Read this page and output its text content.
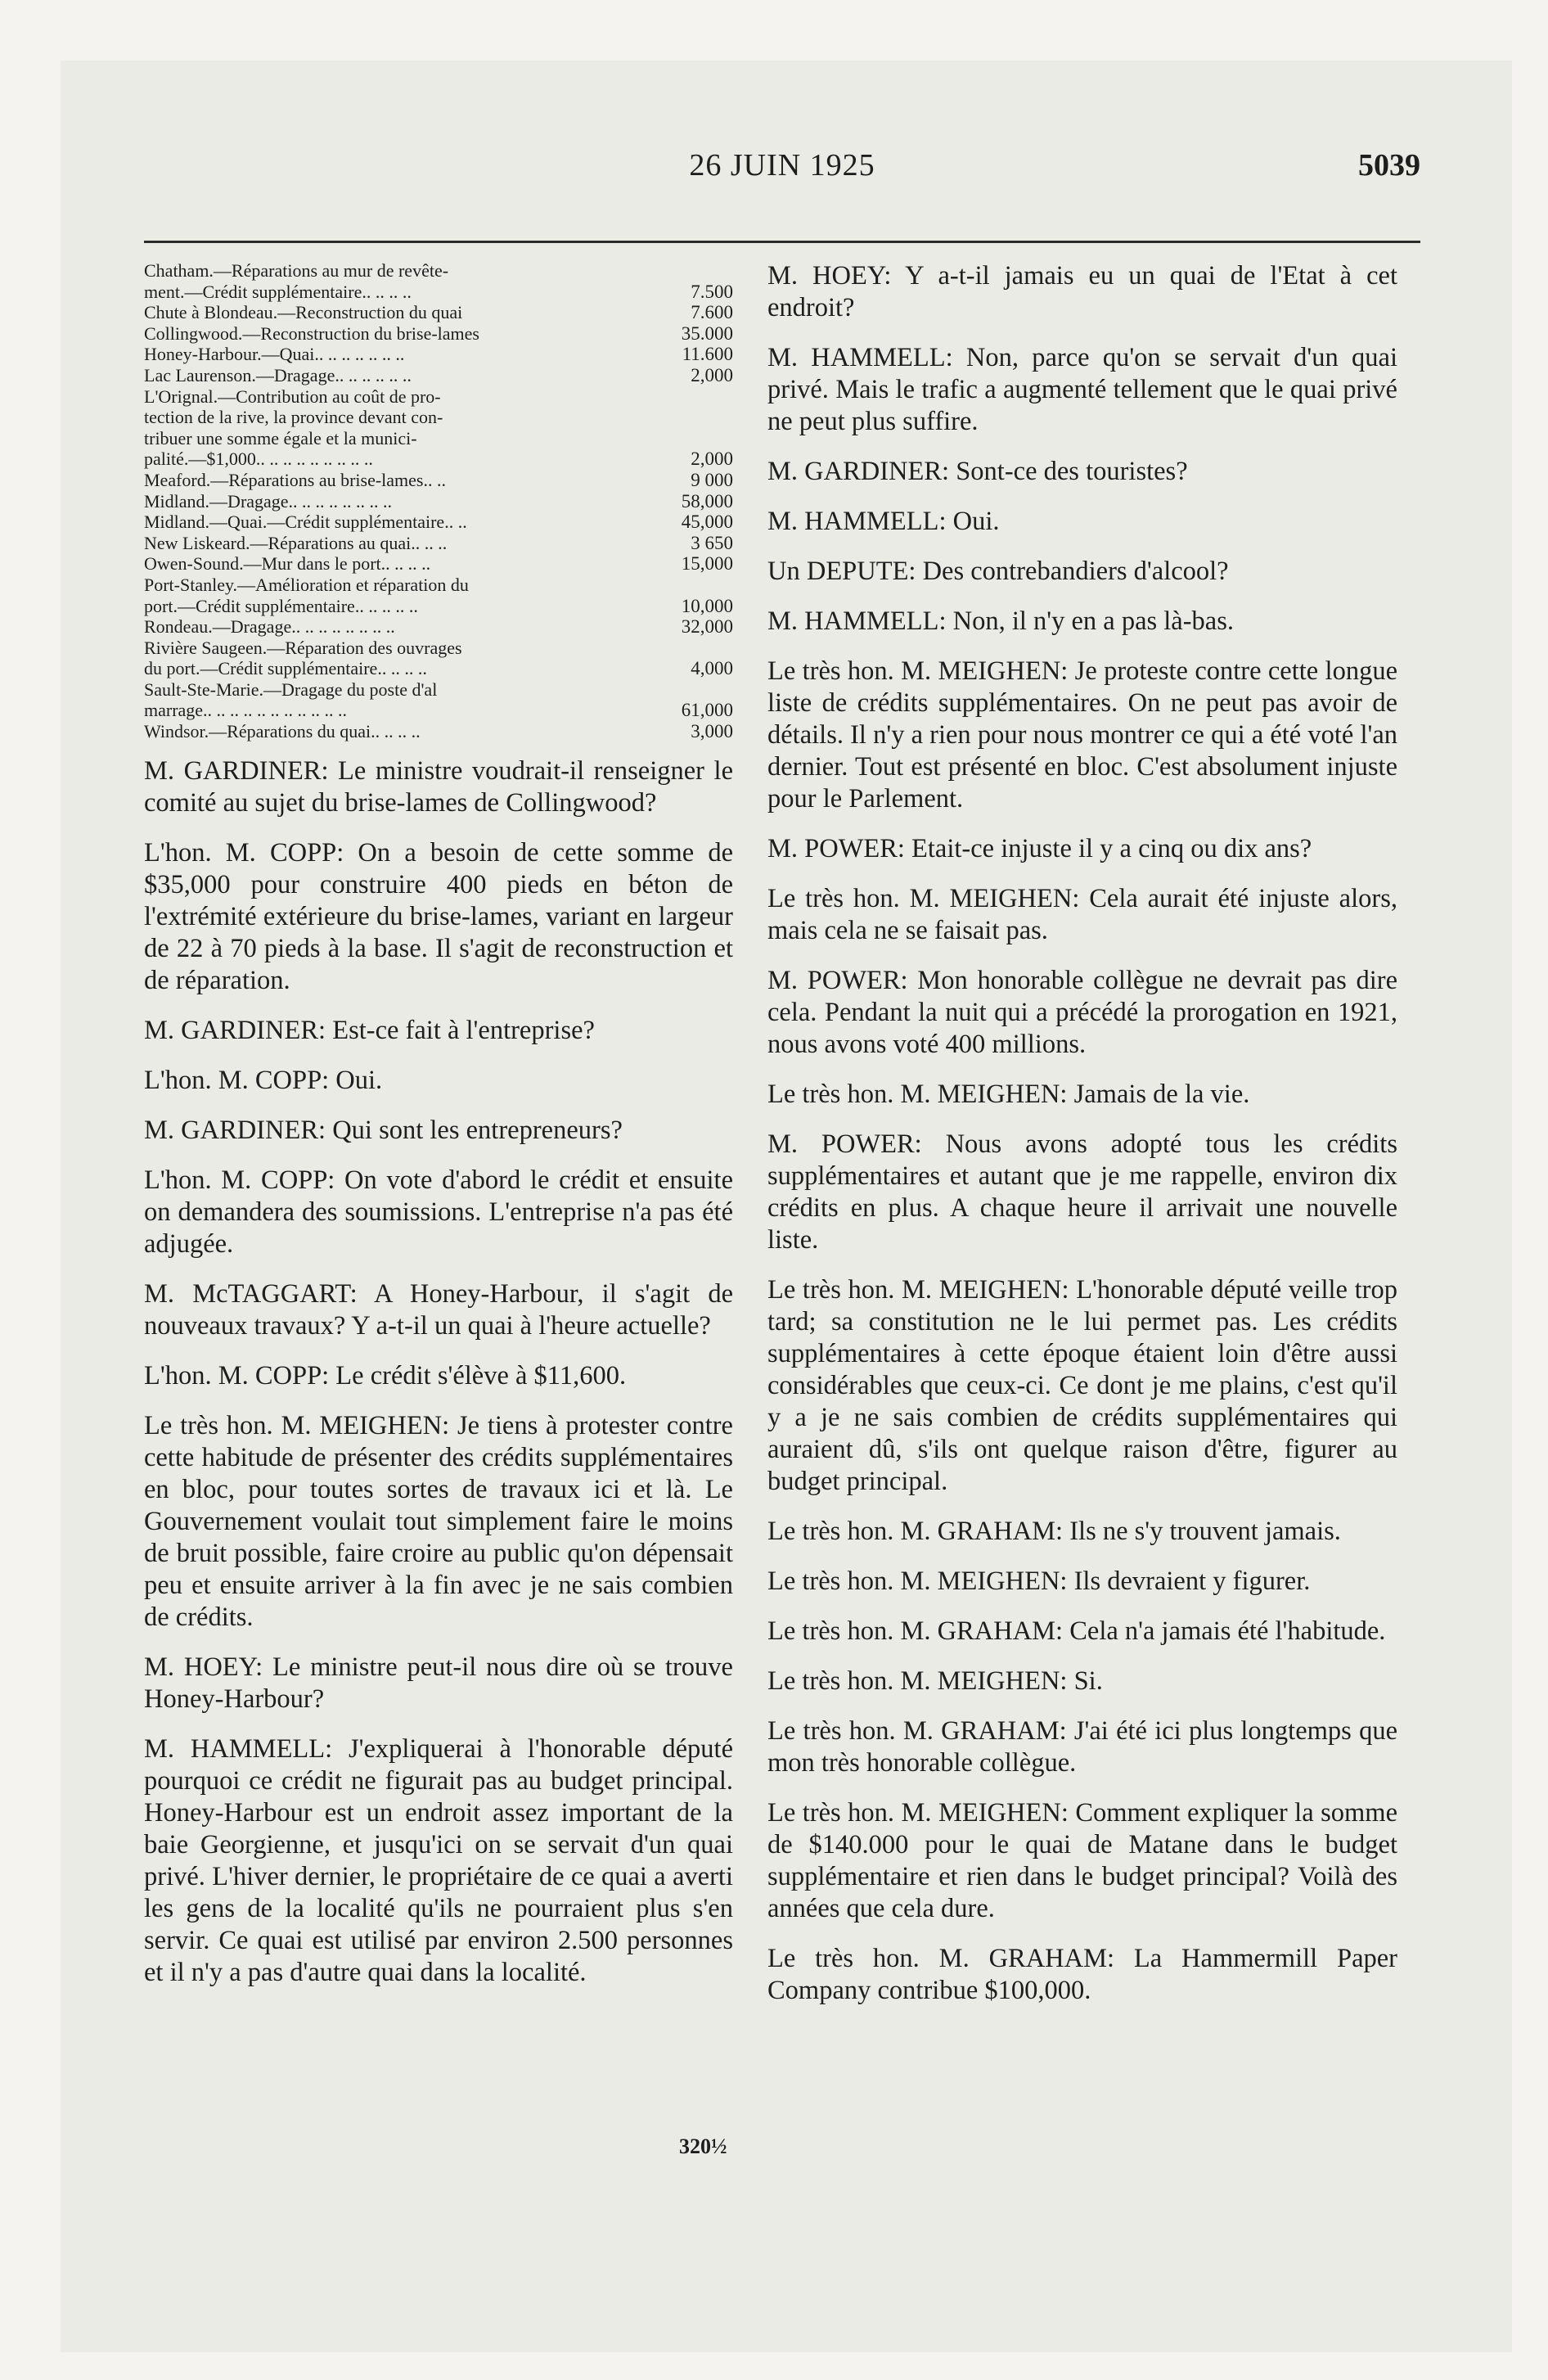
26 JUIN 1925	5039
Chatham.—Réparations au mur de revête-
ment.—Crédit supplémentaire.. .. .. ..	7.500
Chute à Blondeau.—Reconstruction du quai	7.600
Collingwood.—Reconstruction du brise-lames	35.000
Honey-Harbour.—Quai.. .. .. .. .. .. ..	11.600
Lac Laurenson.—Dragage.. .. .. .. .. ..	2,000
L'Orignal.—Contribution au coût de pro-
tection de la rive, la province devant con-
tribuer une somme égale et la munici-
palité.—$1,000.. .. .. .. .. .. .. .. ..	2,000
Meaford.—Réparations au brise-lames.. ..	9 000
Midland.—Dragage.. .. .. .. .. .. .. ..	58,000
Midland.—Quai.—Crédit supplémentaire.. ..	45,000
New Liskeard.—Réparations au quai.. .. ..	3 650
Owen-Sound.—Mur dans le port.. .. .. ..	15,000
Port-Stanley.—Amélioration et réparation du
port.—Crédit supplémentaire.. .. .. .. ..	10,000
Rondeau.—Dragage.. .. .. .. .. .. .. ..	32,000
Rivière Saugeen.—Réparation des ouvrages
du port.—Crédit supplémentaire.. .. .. ..	4,000
Sault-Ste-Marie.—Dragage du poste d'al
marrage.. .. .. .. .. .. .. .. .. .. ..	61,000
Windsor.—Réparations du quai.. .. .. ..	3,000

M. GARDINER: Le ministre voudrait-il renseigner le comité au sujet du brise-lames de Collingwood?

L'hon. M. COPP: On a besoin de cette somme de $35,000 pour construire 400 pieds en béton de l'extrémité extérieure du brise-lames, variant en largeur de 22 à 70 pieds à la base. Il s'agit de reconstruction et de réparation.

M. GARDINER: Est-ce fait à l'entreprise?

L'hon. M. COPP: Oui.

M. GARDINER: Qui sont les entrepreneurs?

L'hon. M. COPP: On vote d'abord le crédit et ensuite on demandera des soumissions. L'entreprise n'a pas été adjugée.

M. McTAGGART: A Honey-Harbour, il s'agit de nouveaux travaux? Y a-t-il un quai à l'heure actuelle?

L'hon. M. COPP: Le crédit s'élève à $11,600.

Le très hon. M. MEIGHEN: Je tiens à protester contre cette habitude de présenter des crédits supplémentaires en bloc, pour toutes sortes de travaux ici et là. Le Gouvernement voulait tout simplement faire le moins de bruit possible, faire croire au public qu'on dépensait peu et ensuite arriver à la fin avec je ne sais combien de crédits.

M. HOEY: Le ministre peut-il nous dire où se trouve Honey-Harbour?

M. HAMMELL: J'expliquerai à l'honorable député pourquoi ce crédit ne figurait pas au budget principal. Honey-Harbour est un endroit assez important de la baie Georgienne, et jusqu'ici on se servait d'un quai privé. L'hiver dernier, le propriétaire de ce quai a averti les gens de la localité qu'ils ne pourraient plus s'en servir. Ce quai est utilisé par environ 2.500 personnes et il n'y a pas d'autre quai dans la localité.

M. HOEY: Y a-t-il jamais eu un quai de l'Etat à cet endroit?

M. HAMMELL: Non, parce qu'on se servait d'un quai privé. Mais le trafic a augmenté tellement que le quai privé ne peut plus suffire.

M. GARDINER: Sont-ce des touristes?

M. HAMMELL: Oui.

Un DEPUTE: Des contrebandiers d'alcool?

M. HAMMELL: Non, il n'y en a pas là-bas.

Le très hon. M. MEIGHEN: Je proteste contre cette longue liste de crédits supplémentaires. On ne peut pas avoir de détails. Il n'y a rien pour nous montrer ce qui a été voté l'an dernier. Tout est présenté en bloc. C'est absolument injuste pour le Parlement.

M. POWER: Etait-ce injuste il y a cinq ou dix ans?

Le très hon. M. MEIGHEN: Cela aurait été injuste alors, mais cela ne se faisait pas.

M. POWER: Mon honorable collègue ne devrait pas dire cela. Pendant la nuit qui a précédé la prorogation en 1921, nous avons voté 400 millions.

Le très hon. M. MEIGHEN: Jamais de la vie.

M. POWER: Nous avons adopté tous les crédits supplémentaires et autant que je me rappelle, environ dix crédits en plus. A chaque heure il arrivait une nouvelle liste.

Le très hon. M. MEIGHEN: L'honorable député veille trop tard; sa constitution ne le lui permet pas. Les crédits supplémentaires à cette époque étaient loin d'être aussi considérables que ceux-ci. Ce dont je me plains, c'est qu'il y a je ne sais combien de crédits supplémentaires qui auraient dû, s'ils ont quelque raison d'être, figurer au budget principal.

Le très hon. M. GRAHAM: Ils ne s'y trouvent jamais.

Le très hon. M. MEIGHEN: Ils devraient y figurer.

Le très hon. M. GRAHAM: Cela n'a jamais été l'habitude.

Le très hon. M. MEIGHEN: Si.

Le très hon. M. GRAHAM: J'ai été ici plus longtemps que mon très honorable collègue.

Le très hon. M. MEIGHEN: Comment expliquer la somme de $140.000 pour le quai de Matane dans le budget supplémentaire et rien dans le budget principal? Voilà des années que cela dure.

Le très hon. M. GRAHAM: La Hammermill Paper Company contribue $100,000.

320½
